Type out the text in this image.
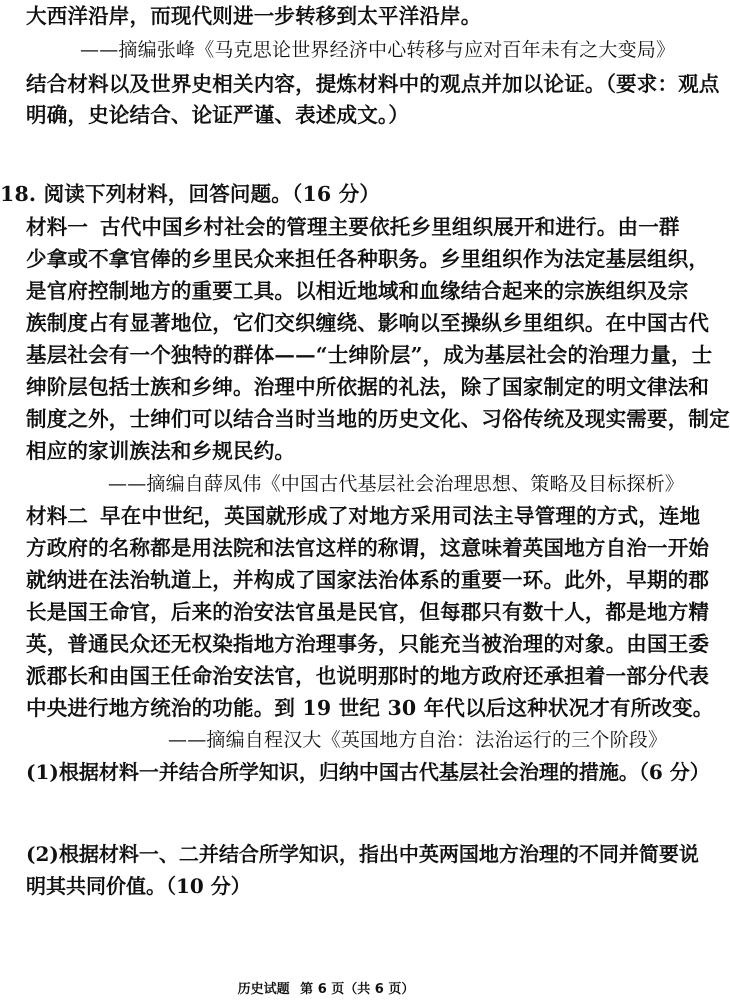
大西洋沿岸，而现代则进一步转移到太平洋沿岸。
——摘编张峰《马克思论世界经济中心转移与应对百年未有之大变局》
结合材料以及世界史相关内容，提炼材料中的观点并加以论证。（要求：观点
明确，史论结合、论证严谨、表述成文。）
18. 阅读下列材料，回答问题。（16 分）
材料一 古代中国乡村社会的管理主要依托乡里组织展开和进行。由一群
少拿或不拿官俸的乡里民众来担任各种职务。乡里组织作为法定基层组织，
是官府控制地方的重要工具。以相近地域和血缘结合起来的宗族组织及宗
族制度占有显著地位，它们交织缠绕、影响以至操纵乡里组织。在中国古代
基层社会有一个独特的群体——“士绅阶层”，成为基层社会的治理力量，士
绅阶层包括士族和乡绅。治理中所依据的礼法，除了国家制定的明文律法和
制度之外，士绅们可以结合当时当地的历史文化、习俗传统及现实需要，制定
相应的家训族法和乡规民约。
——摘编自薛凤伟《中国古代基层社会治理思想、策略及目标探析》
材料二 早在中世纪，英国就形成了对地方采用司法主导管理的方式，连地
方政府的名称都是用法院和法官这样的称谓，这意味着英国地方自治一开始
就纳进在法治轨道上，并构成了国家法治体系的重要一环。此外，早期的郡
长是国王命官，后来的治安法官虽是民官，但每郡只有数十人，都是地方精
英，普通民众还无权染指地方治理事务，只能充当被治理的对象。由国王委
派郡长和由国王任命治安法官，也说明那时的地方政府还承担着一部分代表
中央进行地方统治的功能。到 19 世纪 30 年代以后这种状况才有所改变。
——摘编自程汉大《英国地方自治：法治运行的三个阶段》
(1)根据材料一并结合所学知识，归纳中国古代基层社会治理的措施。（6 分）
(2)根据材料一、二并结合所学知识，指出中英两国地方治理的不同并简要说
明其共同价值。（10 分）
历史试题 第 6 页（共 6 页）
